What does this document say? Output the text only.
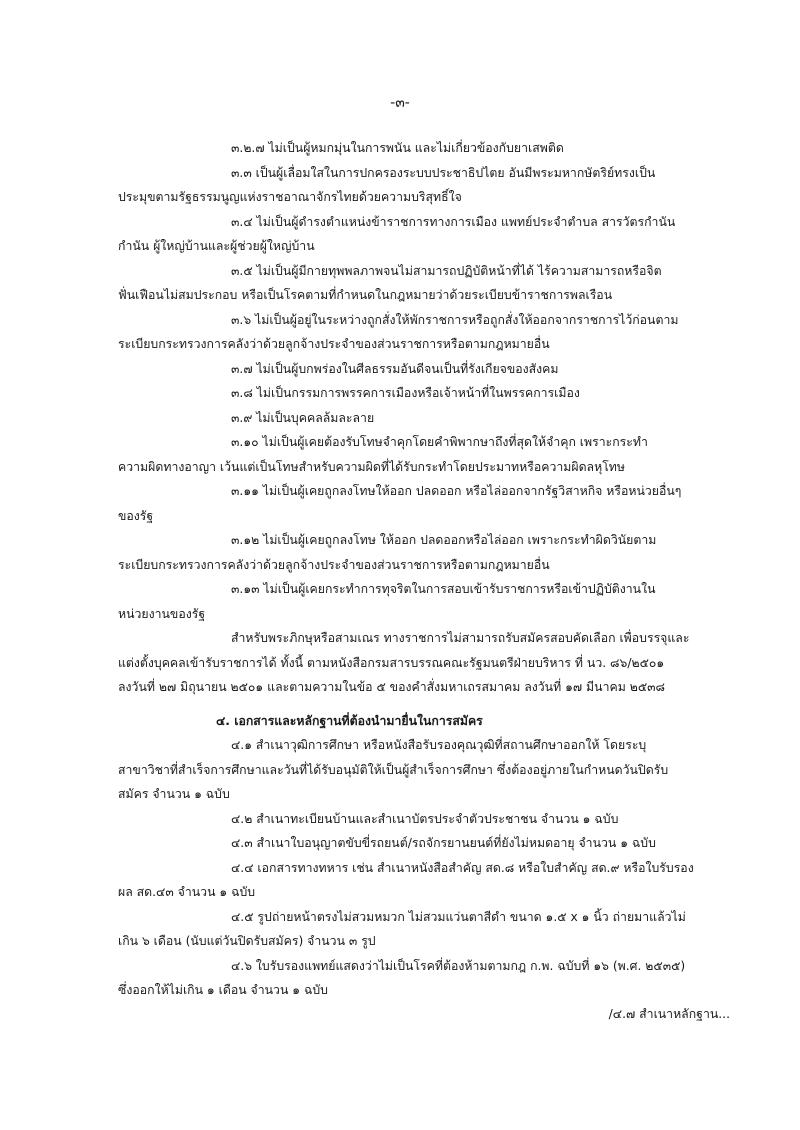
-๓-

๓.๒.๗ ไม่เป็นผู้หมกมุ่นในการพนัน และไม่เกี่ยวข้องกับยาเสพติด

๓.๓ เป็นผู้เลื่อมใสในการปกครองระบบประชาธิปไตย อันมีพระมหากษัตริย์ทรงเป็น

ประมุขตามรัฐธรรมนูญแห่งราชอาณาจักรไทยด้วยความบริสุทธิ์ใจ

๓.๔ ไม่เป็นผู้ดำรงตำแหน่งข้าราชการทางการเมือง แพทย์ประจำตำบล สารวัตรกำนัน

กำนัน ผู้ใหญ่บ้านและผู้ช่วยผู้ใหญ่บ้าน

๓.๕ ไม่เป็นผู้มีกายทุพพลภาพจนไม่สามารถปฏิบัติหน้าที่ได้ ไร้ความสามารถหรือจิต

ฟั่นเฟือนไม่สมประกอบ หรือเป็นโรคตามที่กำหนดในกฎหมายว่าด้วยระเบียบข้าราชการพลเรือน

๓.๖ ไม่เป็นผู้อยู่ในระหว่างถูกสั่งให้พักราชการหรือถูกสั่งให้ออกจากราชการไว้ก่อนตาม

ระเบียบกระทรวงการคลังว่าด้วยลูกจ้างประจำของส่วนราชการหรือตามกฎหมายอื่น

๓.๗ ไม่เป็นผู้บกพร่องในศีลธรรมอันดีจนเป็นที่รังเกียจของสังคม

๓.๘ ไม่เป็นกรรมการพรรคการเมืองหรือเจ้าหน้าที่ในพรรคการเมือง

๓.๙ ไม่เป็นบุคคลล้มละลาย

๓.๑๐ ไม่เป็นผู้เคยต้องรับโทษจำคุกโดยคำพิพากษาถึงที่สุดให้จำคุก เพราะกระทำ

ความผิดทางอาญา เว้นแต่เป็นโทษสำหรับความผิดที่ได้รับกระทำโดยประมาทหรือความผิดลหุโทษ

๓.๑๑ ไม่เป็นผู้เคยถูกลงโทษให้ออก ปลดออก หรือไล่ออกจากรัฐวิสาหกิจ หรือหน่วยอื่นๆ

ของรัฐ

๓.๑๒ ไม่เป็นผู้เคยถูกลงโทษ ให้ออก ปลดออกหรือไล่ออก เพราะกระทำผิดวินัยตาม

ระเบียบกระทรวงการคลังว่าด้วยลูกจ้างประจำของส่วนราชการหรือตามกฎหมายอื่น

๓.๑๓ ไม่เป็นผู้เคยกระทำการทุจริตในการสอบเข้ารับราชการหรือเข้าปฏิบัติงานใน

หน่วยงานของรัฐ

สำหรับพระภิกษุหรือสามเณร ทางราชการไม่สามารถรับสมัครสอบคัดเลือก เพื่อบรรจุและ

แต่งตั้งบุคคลเข้ารับราชการได้ ทั้งนี้ ตามหนังสือกรมสารบรรณคณะรัฐมนตรีฝ่ายบริหาร ที่ นว. ๘๖/๒๕๐๑

ลงวันที่ ๒๗ มิถุนายน ๒๕๐๑ และตามความในข้อ ๕ ของคำสั่งมหาเถรสมาคม ลงวันที่ ๑๗ มีนาคม ๒๕๓๘

๔. เอกสารและหลักฐานที่ต้องนำมายื่นในการสมัคร

๔.๑ สำเนาวุฒิการศึกษา หรือหนังสือรับรองคุณวุฒิที่สถานศึกษาออกให้ โดยระบุ

สาขาวิชาที่สำเร็จการศึกษาและวันที่ได้รับอนุมัติให้เป็นผู้สำเร็จการศึกษา ซึ่งต้องอยู่ภายในกำหนดวันปิดรับ

สมัคร จำนวน ๑ ฉบับ

๔.๒ สำเนาทะเบียนบ้านและสำเนาบัตรประจำตัวประชาชน จำนวน ๑ ฉบับ

๔.๓ สำเนาใบอนุญาตขับขี่รถยนต์/รถจักรยานยนต์ที่ยังไม่หมดอายุ จำนวน ๑ ฉบับ

๔.๔ เอกสารทางทหาร เช่น สำเนาหนังสือสำคัญ สด.๘ หรือใบสำคัญ สด.๙ หรือใบรับรอง

ผล สด.๔๓ จำนวน ๑ ฉบับ

๔.๕ รูปถ่ายหน้าตรงไม่สวมหมวก ไม่สวมแว่นตาสีดำ ขนาด ๑.๕ x ๑ นิ้ว ถ่ายมาแล้วไม่

เกิน ๖ เดือน (นับแต่วันปิดรับสมัคร) จำนวน ๓ รูป

๔.๖ ใบรับรองแพทย์แสดงว่าไม่เป็นโรคที่ต้องห้ามตามกฎ ก.พ. ฉบับที่ ๑๖ (พ.ศ. ๒๕๓๕)

ซึ่งออกให้ไม่เกิน ๑ เดือน จำนวน ๑ ฉบับ

/๔.๗ สำเนาหลักฐาน...
